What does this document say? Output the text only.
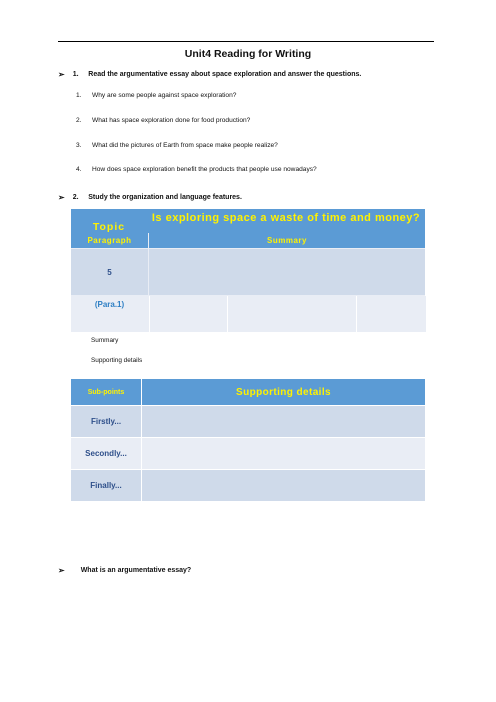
Unit4 Reading for Writing
➢ 1.     Read the argumentative essay about space exploration and answer the questions.
1. Why are some people against space exploration?
2. What has space exploration done for food production?
3. What did the pictures of Earth from space make people realize?
4. How does space exploration benefit the products that people use nowadays?
➢ 2.     Study the organization and language features.
Topic
Is exploring space a waste of time and money?
Paragraph	Summary
5
(Para.1)
Summary
Supporting details
Sub-points	Supporting details
Firstly...
Secondly...
Finally...
➢ What is an argumentative essay?
